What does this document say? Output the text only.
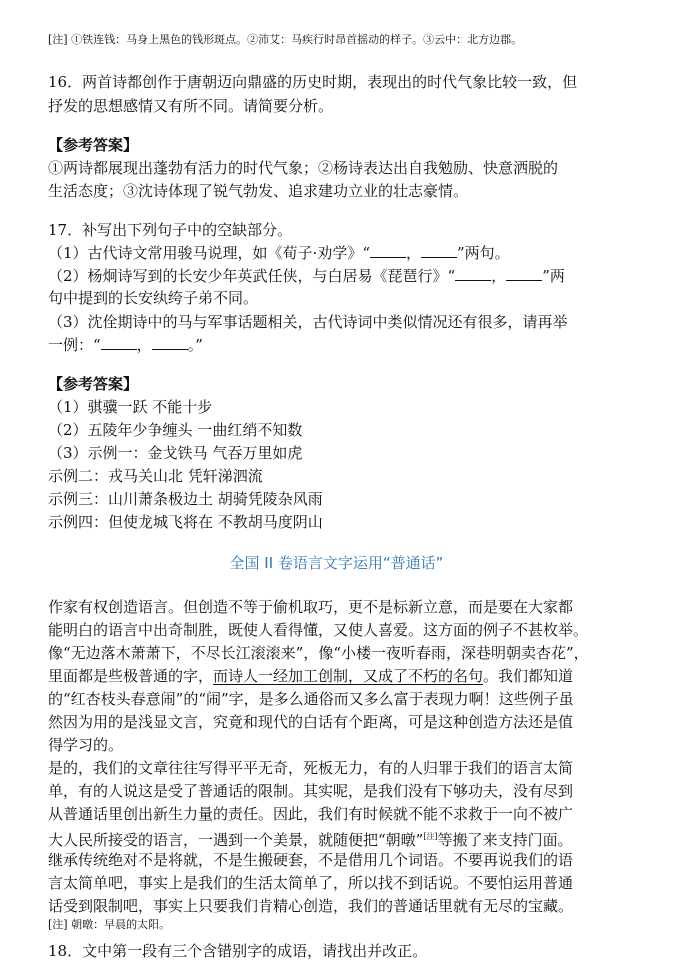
[注] ①铁连钱：马身上黑色的钱形斑点。②沛艾：马疾行时昂首摇动的样子。③云中：北方边郡。
16．两首诗都创作于唐朝迈向鼎盛的历史时期，表现出的时代气象比较一致，但
抒发的思想感情又有所不同。请简要分析。
【参考答案】
①两诗都展现出蓬勃有活力的时代气象；②杨诗表达出自我勉励、快意洒脱的
生活态度；③沈诗体现了锐气勃发、追求建功立业的壮志豪情。
17．补写出下列句子中的空缺部分。
（1）古代诗文常用骏马说理，如《荀子·劝学》“ ， ”两句。
（2）杨炯诗写到的长安少年英武任侠，与白居易《琵琶行》“ ， ”两
句中提到的长安纨绔子弟不同。
（3）沈佺期诗中的马与军事话题相关，古代诗词中类似情况还有很多，请再举
一例：“ ， 。”
【参考答案】
（1）骐骥一跃 不能十步
（2）五陵年少争缠头 一曲红绡不知数
（3）示例一：金戈铁马 气吞万里如虎
示例二：戎马关山北 凭轩涕泗流
示例三：山川萧条极边土 胡骑凭陵杂风雨
示例四：但使龙城飞将在 不教胡马度阴山
全国 II 卷语言文字运用“普通话”
作家有权创造语言。但创造不等于偷机取巧，更不是标新立意，而是要在大家都
能明白的语言中出奇制胜，既使人看得懂，又使人喜爱。这方面的例子不甚枚举。
像“无边落木萧萧下，不尽长江滚滚来”，像“小楼一夜听春雨，深巷明朝卖杏花”，
里面都是些极普通的字，而诗人一经加工创制，又成了不朽的名句。我们都知道
的“红杏枝头春意闹”的“闹”字，是多么通俗而又多么富于表现力啊！这些例子虽
然因为用的是浅显文言，究竟和现代的白话有个距离，可是这种创造方法还是值
得学习的。
是的，我们的文章往往写得平平无奇，死板无力，有的人归罪于我们的语言太简
单，有的人说这是受了普通话的限制。其实呢，是我们没有下够功夫，没有尽到
从普通话里创出新生力量的责任。因此，我们有时候就不能不求救于一向不被广
大人民所接受的语言，一遇到一个美景，就随便把“朝暾”[注]等搬了来支持门面。
继承传统绝对不是将就，不是生搬硬套，不是借用几个词语。不要再说我们的语
言太简单吧，事实上是我们的生活太简单了，所以找不到话说。不要怕运用普通
话受到限制吧，事实上只要我们肯精心创造，我们的普通话里就有无尽的宝藏。
[注] 朝暾：早晨的太阳。
18．文中第一段有三个含错别字的成语，请找出并改正。
